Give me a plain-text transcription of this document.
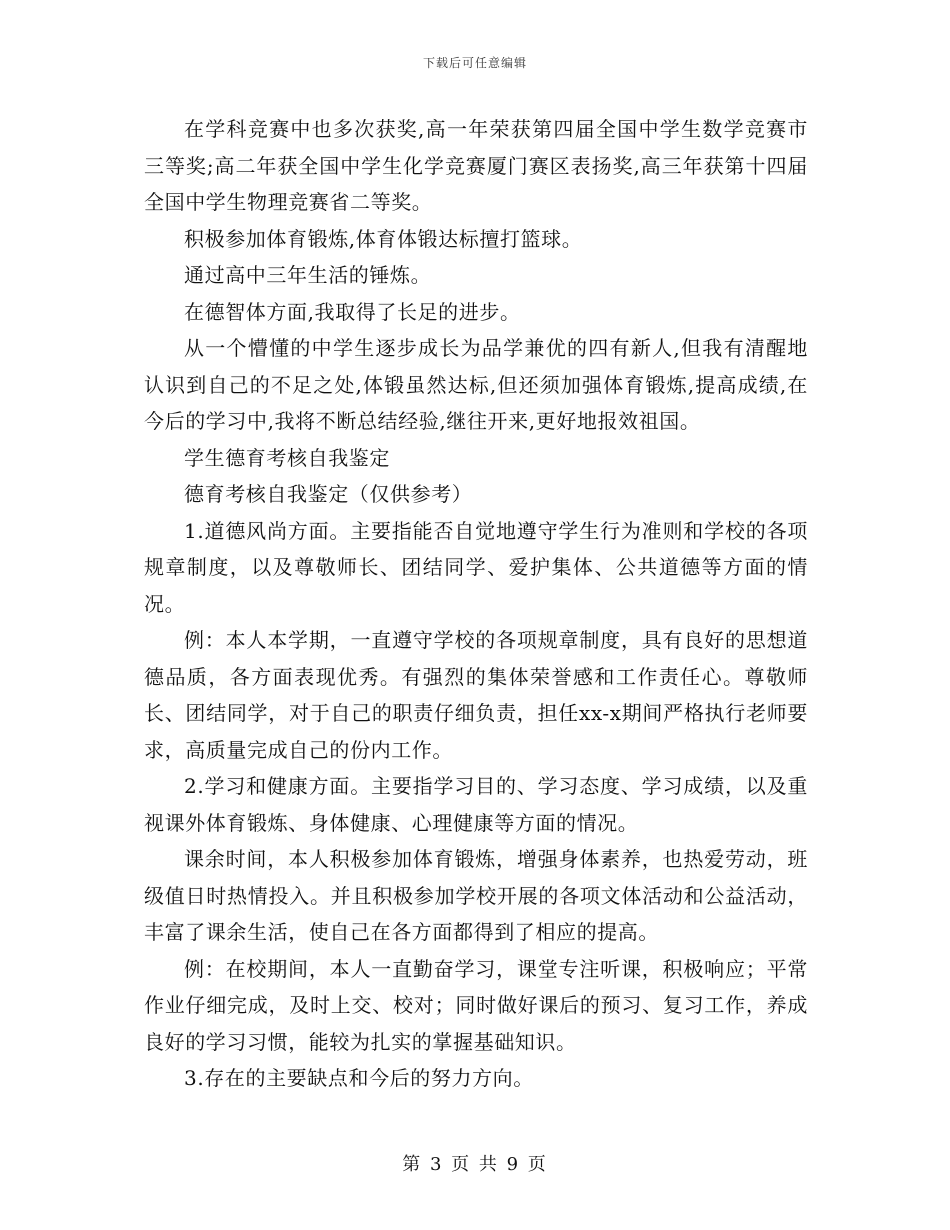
下载后可任意编辑

在学科竞赛中也多次获奖,高一年荣获第四届全国中学生数学竞赛市三等奖;高二年获全国中学生化学竞赛厦门赛区表扬奖,高三年获第十四届全国中学生物理竞赛省二等奖。

积极参加体育锻炼,体育体锻达标擅打篮球。

通过高中三年生活的锤炼。

在德智体方面,我取得了长足的进步。

从一个懵懂的中学生逐步成长为品学兼优的四有新人,但我有清醒地认识到自己的不足之处,体锻虽然达标,但还须加强体育锻炼,提高成绩,在今后的学习中,我将不断总结经验,继往开来,更好地报效祖国。

学生德育考核自我鉴定

德育考核自我鉴定（仅供参考）

1.道德风尚方面。主要指能否自觉地遵守学生行为准则和学校的各项规章制度，以及尊敬师长、团结同学、爱护集体、公共道德等方面的情况。

例：本人本学期，一直遵守学校的各项规章制度，具有良好的思想道德品质，各方面表现优秀。有强烈的集体荣誉感和工作责任心。尊敬师长、团结同学，对于自己的职责仔细负责，担任xx-x期间严格执行老师要求，高质量完成自己的份内工作。

2.学习和健康方面。主要指学习目的、学习态度、学习成绩，以及重视课外体育锻炼、身体健康、心理健康等方面的情况。

课余时间，本人积极参加体育锻炼，增强身体素养，也热爱劳动，班级值日时热情投入。并且积极参加学校开展的各项文体活动和公益活动，丰富了课余生活，使自己在各方面都得到了相应的提高。

例：在校期间，本人一直勤奋学习，课堂专注听课，积极响应；平常作业仔细完成，及时上交、校对；同时做好课后的预习、复习工作，养成良好的学习习惯，能较为扎实的掌握基础知识。

3.存在的主要缺点和今后的努力方向。

第 3 页 共 9 页
